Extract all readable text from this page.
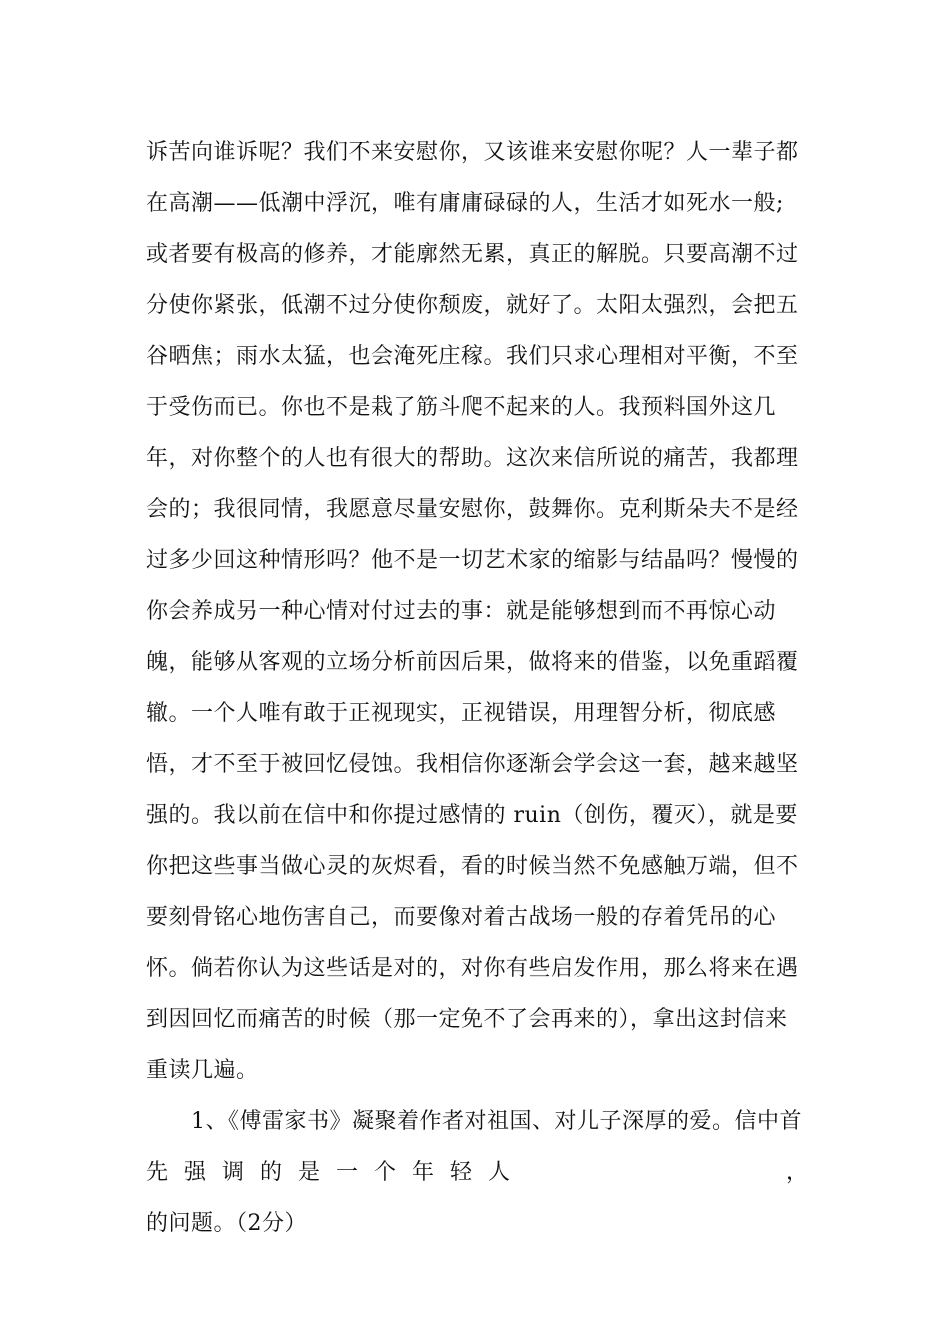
诉苦向谁诉呢？我们不来安慰你，又该谁来安慰你呢？人一辈子都
在高潮——低潮中浮沉，唯有庸庸碌碌的人，生活才如死水一般;
或者要有极高的修养，才能廓然无累，真正的解脱。只要高潮不过
分使你紧张，低潮不过分使你颓废，就好了。太阳太强烈，会把五
谷晒焦；雨水太猛，也会淹死庄稼。我们只求心理相对平衡，不至
于受伤而已。你也不是栽了筋斗爬不起来的人。我预料国外这几
年，对你整个的人也有很大的帮助。这次来信所说的痛苦，我都理
会的；我很同情，我愿意尽量安慰你，鼓舞你。克利斯朵夫不是经
过多少回这种情形吗？他不是一切艺术家的缩影与结晶吗？慢慢的
你会养成另一种心情对付过去的事：就是能够想到而不再惊心动
魄，能够从客观的立场分析前因后果，做将来的借鉴，以免重蹈覆
辙。一个人唯有敢于正视现实，正视错误，用理智分析，彻底感
悟，才不至于被回忆侵蚀。我相信你逐渐会学会这一套，越来越坚
强的。我以前在信中和你提过感情的 ruin（创伤，覆灭），就是要
你把这些事当做心灵的灰烬看，看的时候当然不免感触万端，但不
要刻骨铭心地伤害自己，而要像对着古战场一般的存着凭吊的心
怀。倘若你认为这些话是对的，对你有些启发作用，那么将来在遇
到因回忆而痛苦的时候（那一定免不了会再来的），拿出这封信来
重读几遍。
1、《傅雷家书》凝聚着作者对祖国、对儿子深厚的爱。信中首
先强调的是一个年轻人	，
的问题。（2分）
